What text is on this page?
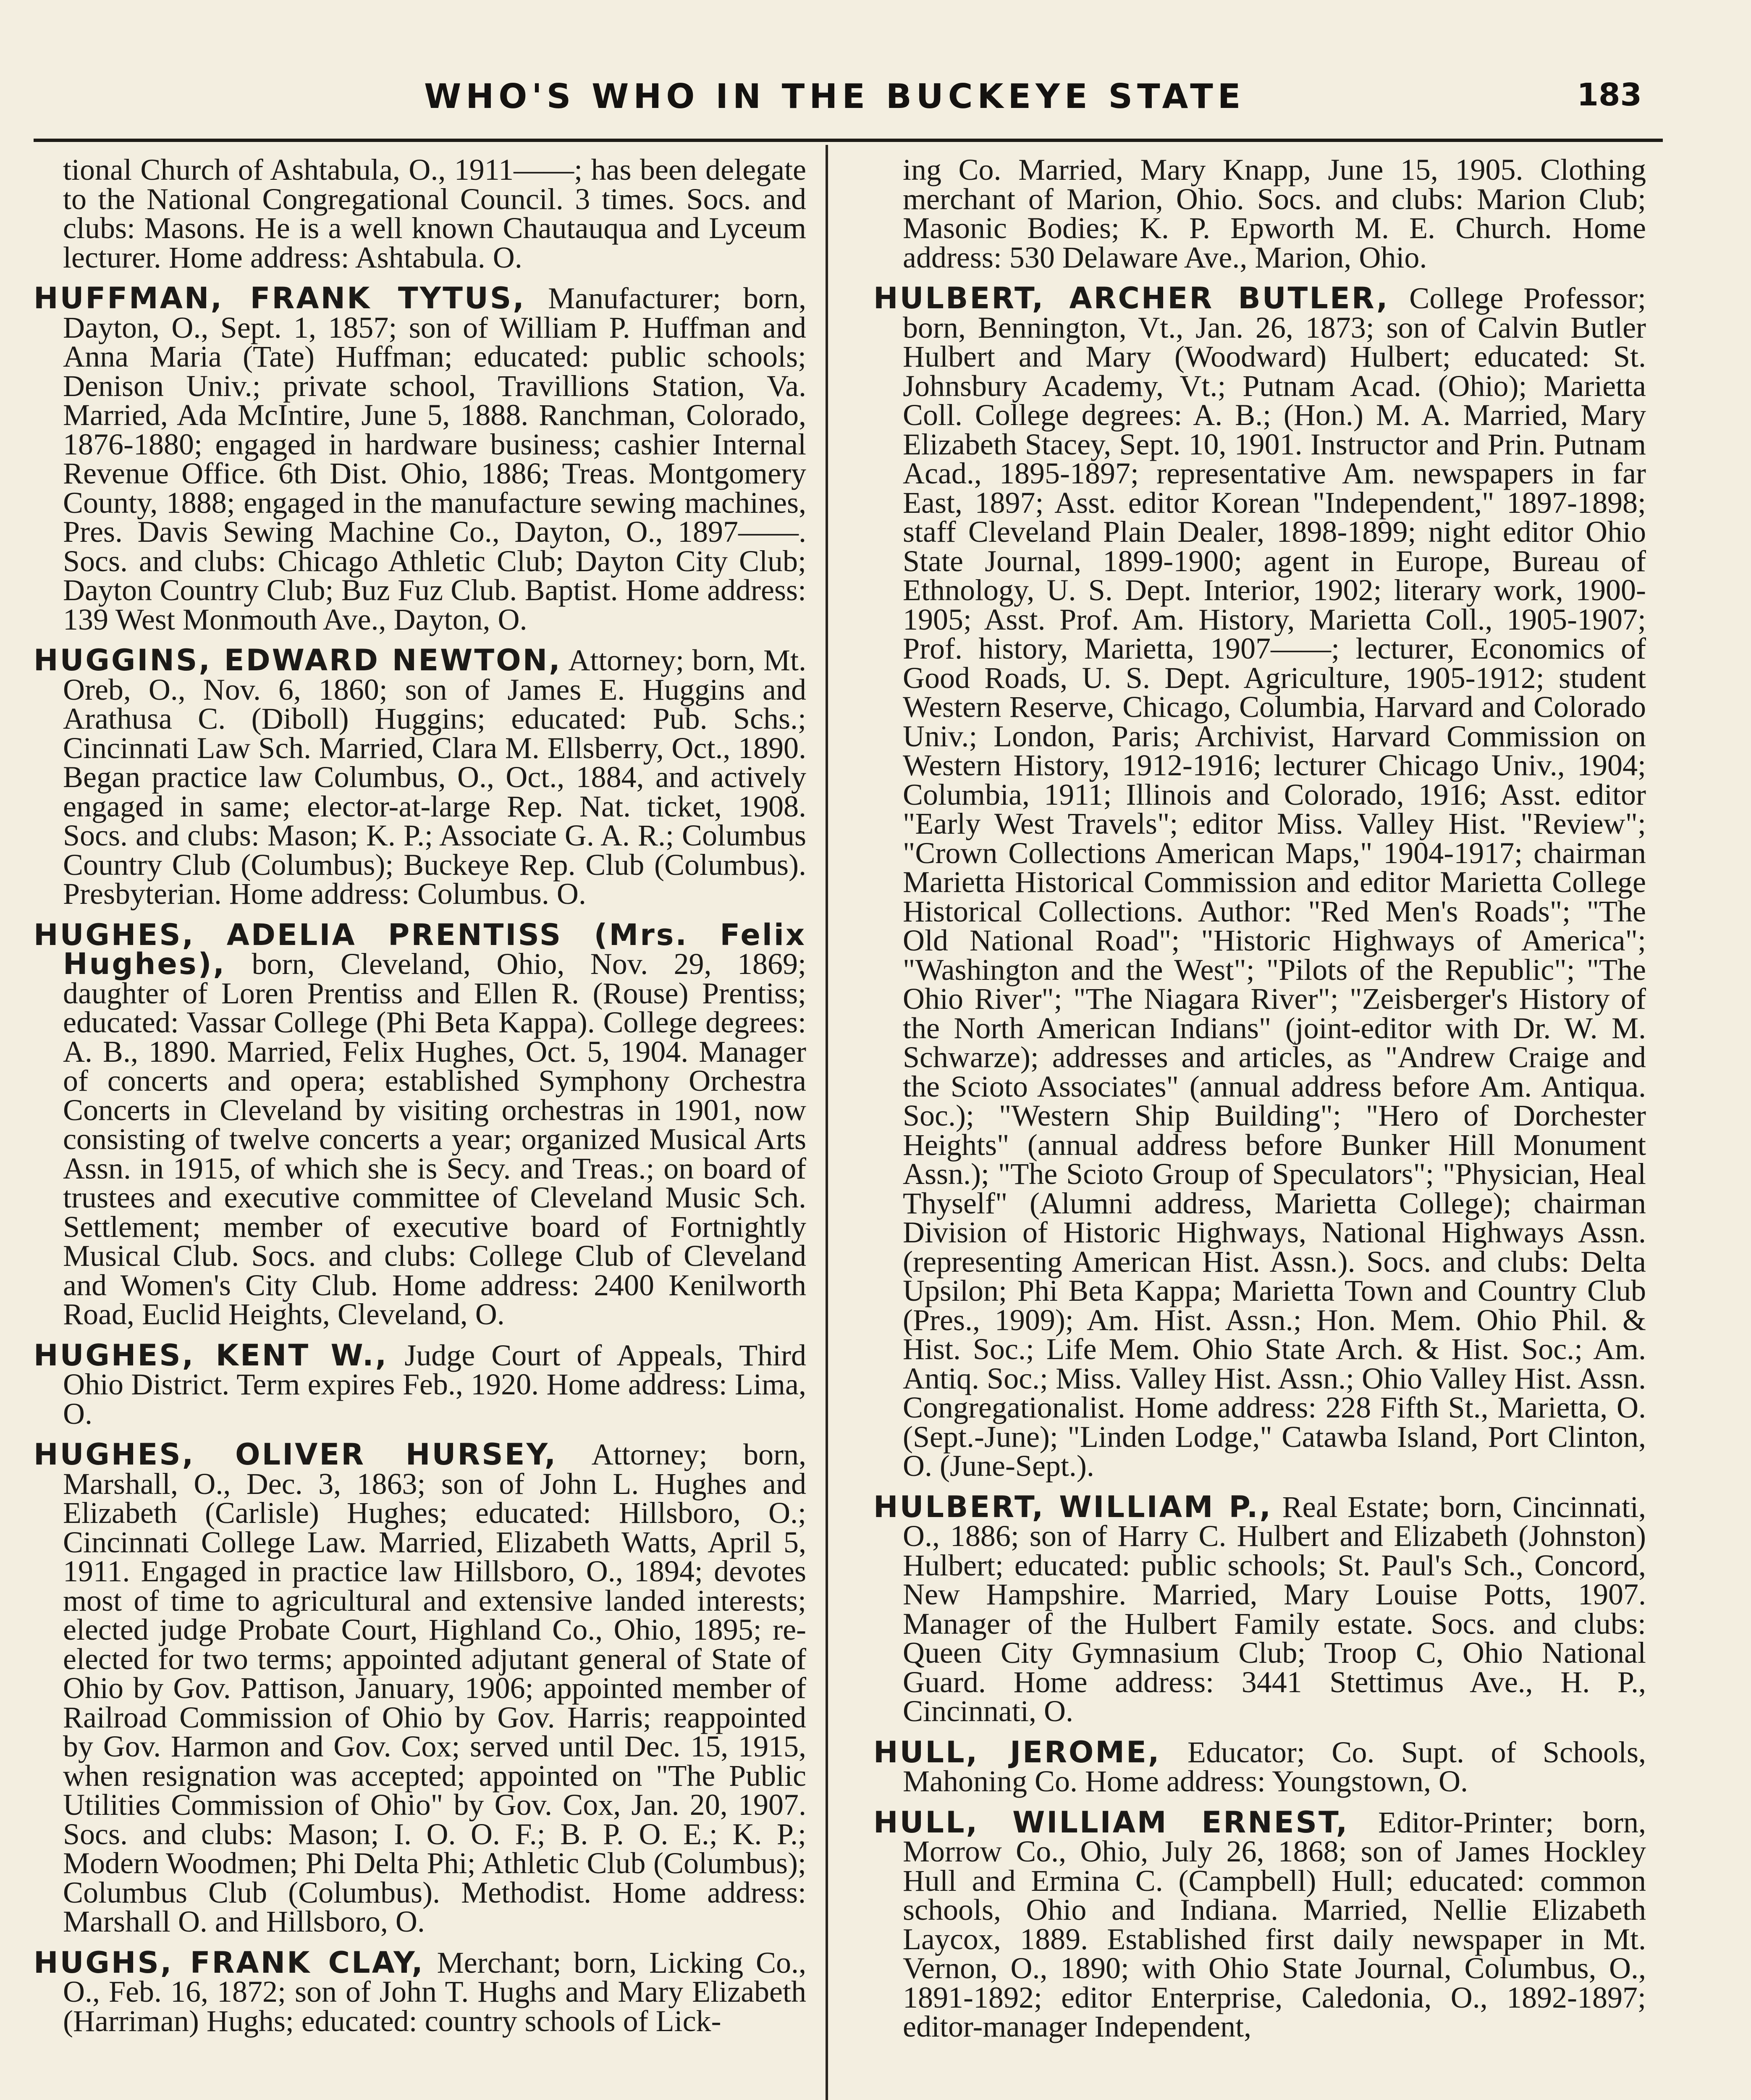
WHO'S WHO IN THE BUCKEYE STATE	183

tional Church of Ashtabula, O., 1911——; has been delegate to the National Congregational Council. 3 times. Socs. and clubs: Masons. He is a well known Chautauqua and Lyceum lecturer. Home address: Ashtabula. O.

HUFFMAN, FRANK TYTUS, Manufacturer; born, Dayton, O., Sept. 1, 1857; son of William P. Huffman and Anna Maria (Tate) Huffman; educated: public schools; Denison Univ.; private school, Travillions Station, Va. Married, Ada McIntire, June 5, 1888. Ranchman, Colorado, 1876-1880; engaged in hardware business; cashier Internal Revenue Office. 6th Dist. Ohio, 1886; Treas. Montgomery County, 1888; engaged in the manufacture sewing machines, Pres. Davis Sewing Machine Co., Dayton, O., 1897——. Socs. and clubs: Chicago Athletic Club; Dayton City Club; Dayton Country Club; Buz Fuz Club. Baptist. Home address: 139 West Monmouth Ave., Dayton, O.

HUGGINS, EDWARD NEWTON, Attorney; born, Mt. Oreb, O., Nov. 6, 1860; son of James E. Huggins and Arathusa C. (Diboll) Huggins; educated: Pub. Schs.; Cincinnati Law Sch. Married, Clara M. Ellsberry, Oct., 1890. Began practice law Columbus, O., Oct., 1884, and actively engaged in same; elector-at-large Rep. Nat. ticket, 1908. Socs. and clubs: Mason; K. P.; Associate G. A. R.; Columbus Country Club (Columbus); Buckeye Rep. Club (Columbus). Presbyterian. Home address: Columbus. O.

HUGHES, ADELIA PRENTISS (Mrs. Felix Hughes), born, Cleveland, Ohio, Nov. 29, 1869; daughter of Loren Prentiss and Ellen R. (Rouse) Prentiss; educated: Vassar College (Phi Beta Kappa). College degrees: A. B., 1890. Married, Felix Hughes, Oct. 5, 1904. Manager of concerts and opera; established Symphony Orchestra Concerts in Cleveland by visiting orchestras in 1901, now consisting of twelve concerts a year; organized Musical Arts Assn. in 1915, of which she is Secy. and Treas.; on board of trustees and executive committee of Cleveland Music Sch. Settlement; member of executive board of Fortnightly Musical Club. Socs. and clubs: College Club of Cleveland and Women's City Club. Home address: 2400 Kenilworth Road, Euclid Heights, Cleveland, O.

HUGHES, KENT W., Judge Court of Appeals, Third Ohio District. Term expires Feb., 1920. Home address: Lima, O.

HUGHES, OLIVER HURSEY, Attorney; born, Marshall, O., Dec. 3, 1863; son of John L. Hughes and Elizabeth (Carlisle) Hughes; educated: Hillsboro, O.; Cincinnati College Law. Married, Elizabeth Watts, April 5, 1911. Engaged in practice law Hillsboro, O., 1894; devotes most of time to agricultural and extensive landed interests; elected judge Probate Court, Highland Co., Ohio, 1895; re-elected for two terms; appointed adjutant general of State of Ohio by Gov. Pattison, January, 1906; appointed member of Railroad Commission of Ohio by Gov. Harris; reappointed by Gov. Harmon and Gov. Cox; served until Dec. 15, 1915, when resignation was accepted; appointed on "The Public Utilities Commission of Ohio" by Gov. Cox, Jan. 20, 1907. Socs. and clubs: Mason; I. O. O. F.; B. P. O. E.; K. P.; Modern Woodmen; Phi Delta Phi; Athletic Club (Columbus); Columbus Club (Columbus). Methodist. Home address: Marshall O. and Hillsboro, O.

HUGHS, FRANK CLAY, Merchant; born, Licking Co., O., Feb. 16, 1872; son of John T. Hughs and Mary Elizabeth (Harriman) Hughs; educated: country schools of Lick-

ing Co. Married, Mary Knapp, June 15, 1905. Clothing merchant of Marion, Ohio. Socs. and clubs: Marion Club; Masonic Bodies; K. P. Epworth M. E. Church. Home address: 530 Delaware Ave., Marion, Ohio.

HULBERT, ARCHER BUTLER, College Professor; born, Bennington, Vt., Jan. 26, 1873; son of Calvin Butler Hulbert and Mary (Woodward) Hulbert; educated: St. Johnsbury Academy, Vt.; Putnam Acad. (Ohio); Marietta Coll. College degrees: A. B.; (Hon.) M. A. Married, Mary Elizabeth Stacey, Sept. 10, 1901. Instructor and Prin. Putnam Acad., 1895-1897; representative Am. newspapers in far East, 1897; Asst. editor Korean "Independent," 1897-1898; staff Cleveland Plain Dealer, 1898-1899; night editor Ohio State Journal, 1899-1900; agent in Europe, Bureau of Ethnology, U. S. Dept. Interior, 1902; literary work, 1900-1905; Asst. Prof. Am. History, Marietta Coll., 1905-1907; Prof. history, Marietta, 1907——; lecturer, Economics of Good Roads, U. S. Dept. Agriculture, 1905-1912; student Western Reserve, Chicago, Columbia, Harvard and Colorado Univ.; London, Paris; Archivist, Harvard Commission on Western History, 1912-1916; lecturer Chicago Univ., 1904; Columbia, 1911; Illinois and Colorado, 1916; Asst. editor "Early West Travels"; editor Miss. Valley Hist. "Review"; "Crown Collections American Maps," 1904-1917; chairman Marietta Historical Commission and editor Marietta College Historical Collections. Author: "Red Men's Roads"; "The Old National Road"; "Historic Highways of America"; "Washington and the West"; "Pilots of the Republic"; "The Ohio River"; "The Niagara River"; "Zeisberger's History of the North American Indians" (joint-editor with Dr. W. M. Schwarze); addresses and articles, as "Andrew Craige and the Scioto Associates" (annual address before Am. Antiqua. Soc.); "Western Ship Building"; "Hero of Dorchester Heights" (annual address before Bunker Hill Monument Assn.); "The Scioto Group of Speculators"; "Physician, Heal Thyself" (Alumni address, Marietta College); chairman Division of Historic Highways, National Highways Assn. (representing American Hist. Assn.). Socs. and clubs: Delta Upsilon; Phi Beta Kappa; Marietta Town and Country Club (Pres., 1909); Am. Hist. Assn.; Hon. Mem. Ohio Phil. & Hist. Soc.; Life Mem. Ohio State Arch. & Hist. Soc.; Am. Antiq. Soc.; Miss. Valley Hist. Assn.; Ohio Valley Hist. Assn. Congregationalist. Home address: 228 Fifth St., Marietta, O. (Sept.-June); "Linden Lodge," Catawba Island, Port Clinton, O. (June-Sept.).

HULBERT, WILLIAM P., Real Estate; born, Cincinnati, O., 1886; son of Harry C. Hulbert and Elizabeth (Johnston) Hulbert; educated: public schools; St. Paul's Sch., Concord, New Hampshire. Married, Mary Louise Potts, 1907. Manager of the Hulbert Family estate. Socs. and clubs: Queen City Gymnasium Club; Troop C, Ohio National Guard. Home address: 3441 Stettimus Ave., H. P., Cincinnati, O.

HULL, JEROME, Educator; Co. Supt. of Schools, Mahoning Co. Home address: Youngstown, O.

HULL, WILLIAM ERNEST, Editor-Printer; born, Morrow Co., Ohio, July 26, 1868; son of James Hockley Hull and Ermina C. (Campbell) Hull; educated: common schools, Ohio and Indiana. Married, Nellie Elizabeth Laycox, 1889. Established first daily newspaper in Mt. Vernon, O., 1890; with Ohio State Journal, Columbus, O., 1891-1892; editor Enterprise, Caledonia, O., 1892-1897; editor-manager Independent,
